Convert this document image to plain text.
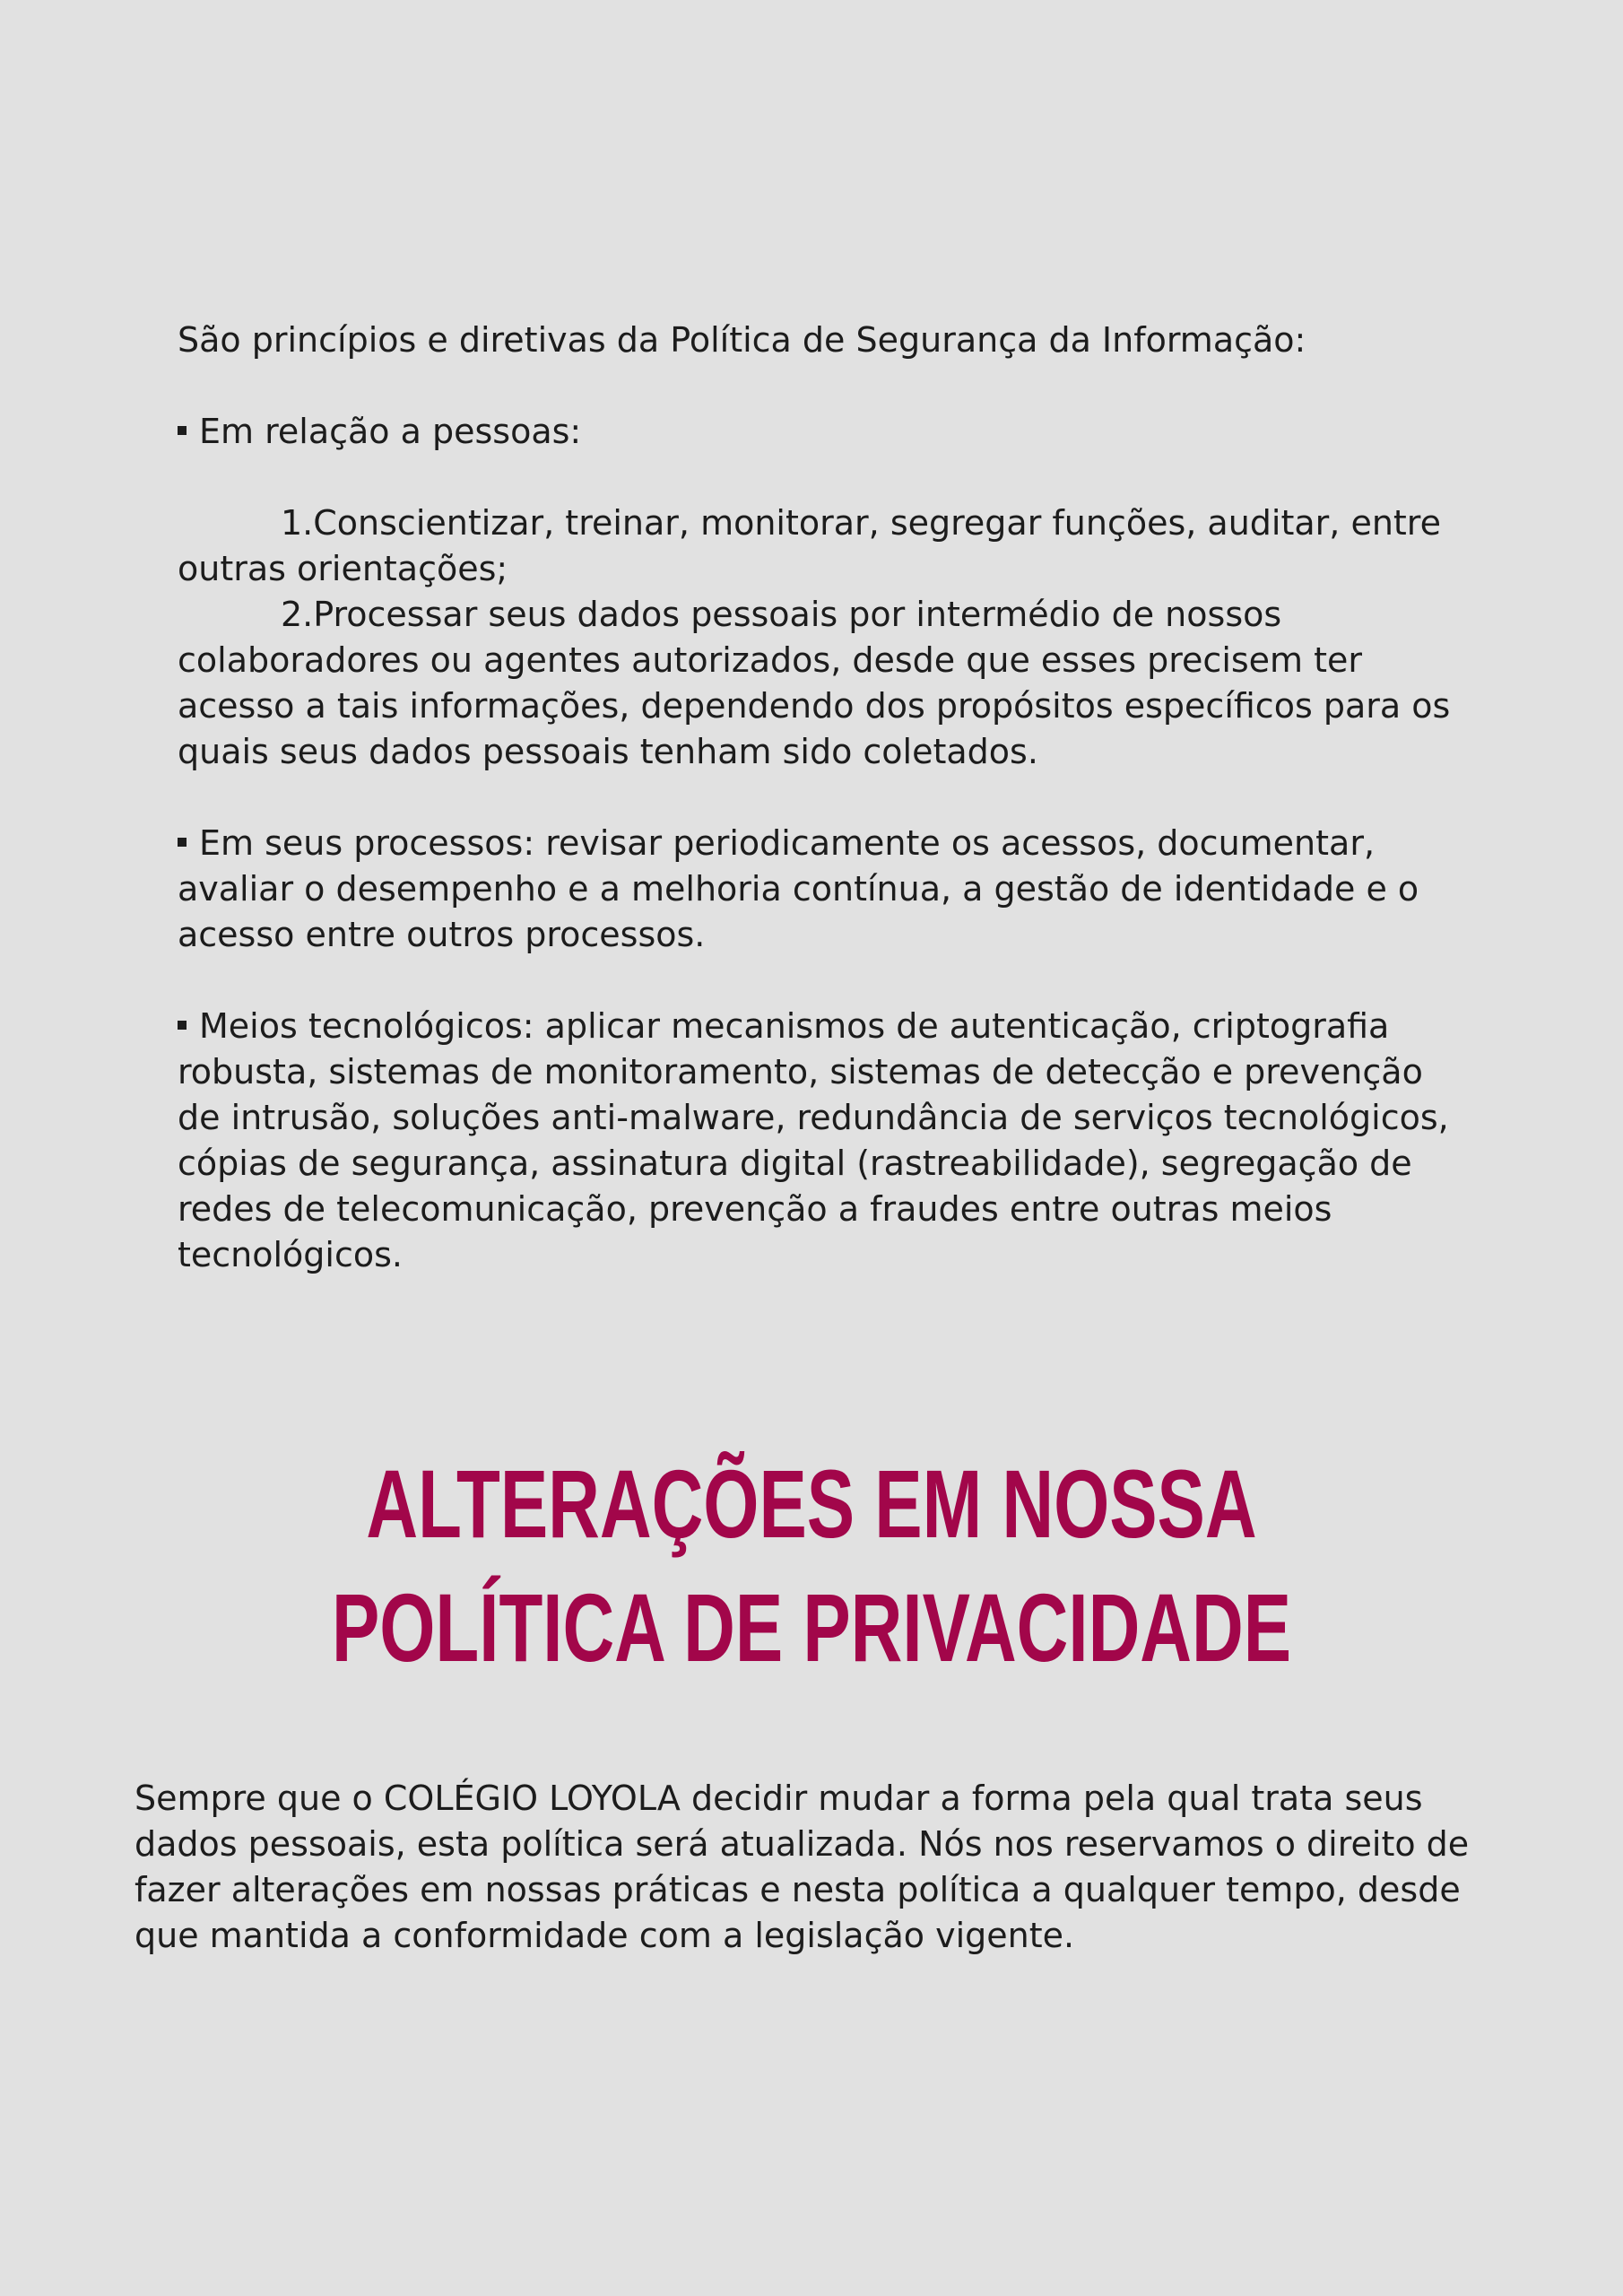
São princípios e diretivas da Política de Segurança da Informação:

Em relação a pessoas:

1.Conscientizar, treinar, monitorar, segregar funções, auditar, entre outras orientações;

2.Processar seus dados pessoais por intermédio de nossos colaboradores ou agentes autorizados, desde que esses precisem ter acesso a tais informações, dependendo dos propósitos específicos para os quais seus dados pessoais tenham sido coletados.

Em seus processos: revisar periodicamente os acessos, documentar, avaliar o desempenho e a melhoria contínua, a gestão de identidade e o acesso entre outros processos.

Meios tecnológicos: aplicar mecanismos de autenticação, criptografia robusta, sistemas de monitoramento, sistemas de detecção e prevenção de intrusão, soluções anti-malware, redundância de serviços tecnológicos, cópias de segurança, assinatura digital (rastreabilidade), segregação de redes de telecomunicação, prevenção a fraudes entre outras meios tecnológicos.

ALTERAÇÕES EM NOSSA
POLÍTICA DE PRIVACIDADE

Sempre que o COLÉGIO LOYOLA decidir mudar a forma pela qual trata seus dados pessoais, esta política será atualizada. Nós nos reservamos o direito de fazer alterações em nossas práticas e nesta política a qualquer tempo, desde que mantida a conformidade com a legislação vigente.
